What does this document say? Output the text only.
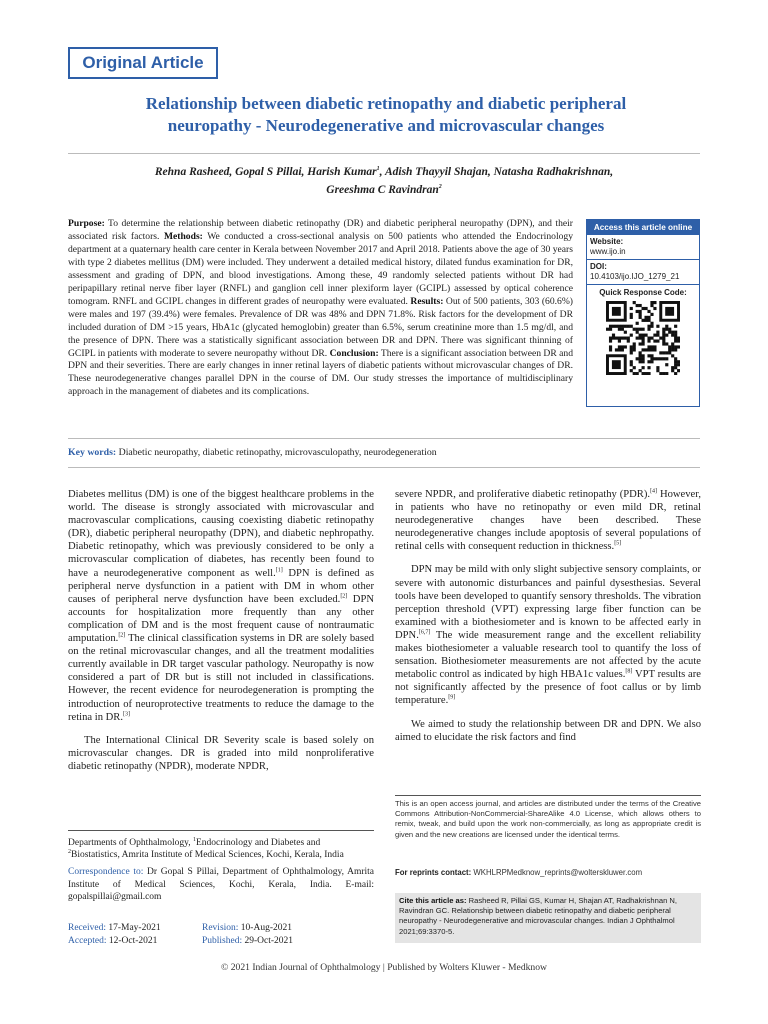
Original Article
Relationship between diabetic retinopathy and diabetic peripheral
neuropathy - Neurodegenerative and microvascular changes
Rehna Rasheed, Gopal S Pillai, Harish Kumar$^1$, Adish Thayyil Shajan, Natasha Radhakrishnan,
Greeshma C Ravindran$^2$
Purpose: To determine the relationship between diabetic retinopathy (DR) and diabetic peripheral neuropathy (DPN), and their associated risk factors. Methods: We conducted a cross-sectional analysis on 500 patients who attended the Endocrinology department at a quaternary health care center in Kerala between November 2017 and April 2018. Patients above the age of 30 years with type 2 diabetes mellitus (DM) were included. They underwent a detailed medical history, dilated fundus examination for DR, assessment and grading of DPN, and blood investigations. Among these, 49 randomly selected patients without DR had peripapillary retinal nerve fiber layer (RNFL) and ganglion cell inner plexiform layer (GCIPL) assessed by optical coherence tomogram. RNFL and GCIPL changes in different grades of neuropathy were evaluated. Results: Out of 500 patients, 303 (60.6%) were males and 197 (39.4%) were females. Prevalence of DR was 48% and DPN 71.8%. Risk factors for the development of DR included duration of DM >15 years, HbA1c (glycated hemoglobin) greater than 6.5%, serum creatinine more than 1.5 mg/dl, and the presence of DPN. There was a statistically significant association between DR and DPN. There was significant thinning of GCIPL in patients with moderate to severe neuropathy without DR. Conclusion: There is a significant association between DR and DPN and their severities. There are early changes in inner retinal layers of diabetic patients without microvascular changes of DR. These neurodegenerative changes parallel DPN in the course of DM. Our study stresses the importance of multidisciplinary approach in the management of diabetes and its complications.
Access this article online
Website:
www.ijo.in
DOI:
10.4103/ijo.IJO_1279_21
Quick Response Code:
Key words: Diabetic neuropathy, diabetic retinopathy, microvasculopathy, neurodegeneration

Diabetes mellitus (DM) is one of the biggest healthcare problems in the world. The disease is strongly associated with microvascular and macrovascular complications, causing coexisting diabetic retinopathy (DR), diabetic peripheral neuropathy (DPN), and diabetic nephropathy. Diabetic retinopathy, which was previously considered to be only a microvascular complication of diabetes, has recently been found to have a neurodegenerative component as well.[1] DPN is defined as peripheral nerve dysfunction in a patient with DM in whom other causes of peripheral nerve dysfunction have been excluded.[2] DPN accounts for hospitalization more frequently than any other complication of DM and is the most frequent cause of nontraumatic amputation.[2] The clinical classification systems in DR are solely based on the retinal microvascular changes, and all the treatment modalities currently available in DR target vascular pathology. Neuropathy is now considered a part of DR but is still not included in classifications. However, the recent evidence for neurodegeneration is prompting the introduction of neuroprotective treatments to reduce the damage to the retina in DR.[3]

The International Clinical DR Severity scale is based solely on microvascular changes. DR is graded into mild nonproliferative diabetic retinopathy (NPDR), moderate NPDR,

severe NPDR, and proliferative diabetic retinopathy (PDR).[4] However, in patients who have no retinopathy or even mild DR, retinal neurodegenerative changes have been described. These neurodegenerative changes include apoptosis of several populations of retinal cells with consequent reduction in thickness.[5]

DPN may be mild with only slight subjective sensory complaints, or severe with autonomic disturbances and painful dysesthesias. Several tools have been developed to quantify sensory thresholds. The vibration perception threshold (VPT) expressing large fiber function can be examined with a biothesiometer and is known to be affected early in DPN.[6,7] The wide measurement range and the excellent reliability makes biothesiometer a valuable research tool to quantify the loss of sensation. Biothesiometer measurements are not affected by the acute metabolic control as indicated by high HBA1c values.[8] VPT results are not significantly affected by the presence of foot callus or by limb temperature.[9]

We aimed to study the relationship between DR and DPN. We also aimed to elucidate the risk factors and find

Departments of Ophthalmology, $^1$Endocrinology and Diabetes and
$^2$Biostatistics, Amrita Institute of Medical Sciences, Kochi, Kerala, India
Correspondence to: Dr Gopal S Pillai, Department of Ophthalmology, Amrita Institute of Medical Sciences, Kochi, Kerala, India. E-mail: gopalspillai@gmail.com
Received: 17-May-2021	Revision: 10-Aug-2021
Accepted: 12-Oct-2021	Published: 29-Oct-2021
This is an open access journal, and articles are distributed under the terms of the Creative Commons Attribution-NonCommercial-ShareAlike 4.0 License, which allows others to remix, tweak, and build upon the work non-commercially, as long as appropriate credit is given and the new creations are licensed under the identical terms.
For reprints contact: WKHLRPMedknow_reprints@wolterskluwer.com
Cite this article as: Rasheed R, Pillai GS, Kumar H, Shajan AT, Radhakrishnan N, Ravindran GC. Relationship between diabetic retinopathy and diabetic peripheral neuropathy - Neurodegenerative and microvascular changes. Indian J Ophthalmol 2021;69:3370-5.
© 2021 Indian Journal of Ophthalmology | Published by Wolters Kluwer - Medknow
